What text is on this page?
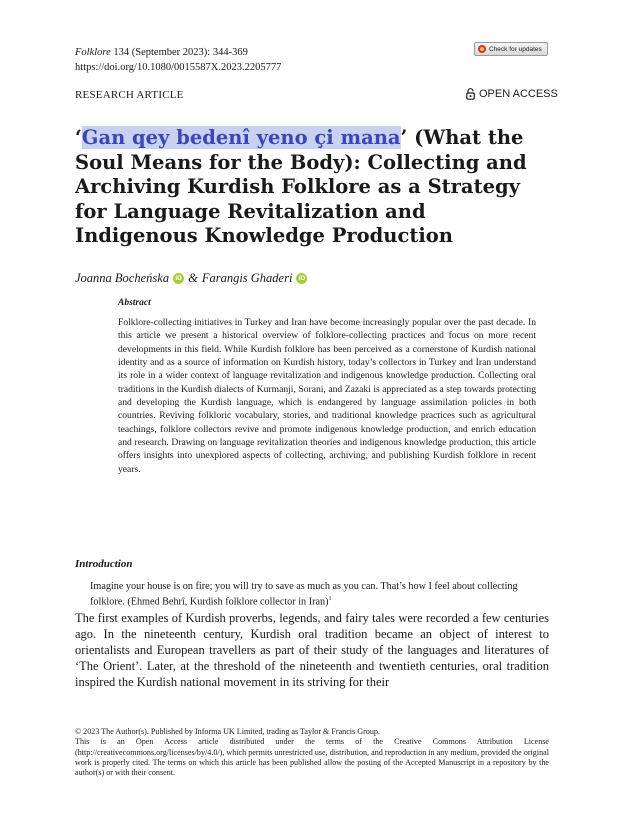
Folklore 134 (September 2023): 344-369
https://doi.org/10.1080/0015587X.2023.2205777
Check for updates
RESEARCH ARTICLE	OPEN ACCESS
‘Gan qey bedenî yeno çi mana’ (What the Soul Means for the Body): Collecting and Archiving Kurdish Folklore as a Strategy for Language Revitalization and Indigenous Knowledge Production
Joanna Bocheńska iD & Farangis Ghaderi iD
Abstract

Folklore-collecting initiatives in Turkey and Iran have become increasingly popular over the past decade. In this article we present a historical overview of folklore-collecting practices and focus on more recent developments in this field. While Kurdish folklore has been perceived as a cornerstone of Kurdish national identity and as a source of information on Kurdish history, today’s collectors in Turkey and Iran understand its role in a wider context of language revitalization and indigenous knowledge production. Collecting oral traditions in the Kurdish dialects of Kurmanji, Sorani, and Zazaki is appreciated as a step towards protecting and developing the Kurdish language, which is endangered by language assimilation policies in both countries. Reviving folkloric vocabulary, stories, and traditional knowledge practices such as agricultural teachings, folklore collectors revive and promote indigenous knowledge production, and enrich education and research. Drawing on language revitalization theories and indigenous knowledge production, this article offers insights into unexplored aspects of collecting, archiving, and publishing Kurdish folklore in recent years.

Introduction

Imagine your house is on fire; you will try to save as much as you can. That’s how I feel about collecting folklore. (Ehmed Behrî, Kurdish folklore collector in Iran)$^1$

The first examples of Kurdish proverbs, legends, and fairy tales were recorded a few centuries ago. In the nineteenth century, Kurdish oral tradition became an object of interest to orientalists and European travellers as part of their study of the languages and literatures of ‘The Orient’. Later, at the threshold of the nineteenth and twentieth centuries, oral tradition inspired the Kurdish national movement in its striving for their

© 2023 The Author(s). Published by Informa UK Limited, trading as Taylor & Francis Group.
This is an Open Access article distributed under the terms of the Creative Commons Attribution License (http://creativecommons.org/licenses/by/4.0/), which permits unrestricted use, distribution, and reproduction in any medium, provided the original work is properly cited. The terms on which this article has been published allow the posting of the Accepted Manuscript in a repository by the author(s) or with their consent.
